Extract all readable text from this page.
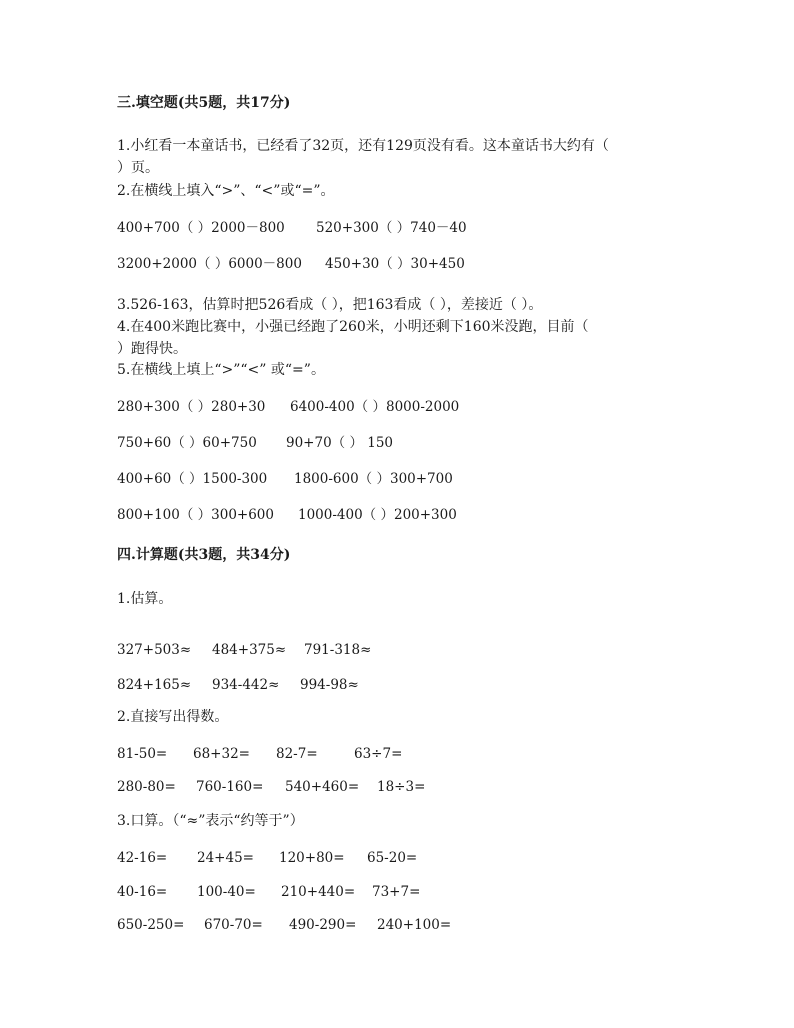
三.填空题(共5题，共17分)
1.小红看一本童话书，已经看了32页，还有129页没有看。这本童话书大约有（
）页。
2.在横线上填入“>”、“<”或“=”。
400+700（ ）2000－800 520+300（ ）740－40
3200+2000（ ）6000－800 450+30（ ）30+450
3.526-163，估算时把526看成（ ），把163看成（ ），差接近（ ）。
4.在400米跑比赛中，小强已经跑了260米，小明还剩下160米没跑，目前（
）跑得快。
5.在横线上填上“>”“<” 或“=”。
280+300（ ）280+30 6400-400（ ）8000-2000
750+60（ ）60+750 90+70（ ） 150
400+60（ ）1500-300 1800-600（ ）300+700
800+100（ ）300+600 1000-400（ ）200+300
四.计算题(共3题，共34分)
1.估算。
327+503≈ 484+375≈ 791-318≈
824+165≈ 934-442≈ 994-98≈
2.直接写出得数。
81-50= 68+32= 82-7=	63÷7=
280-80= 760-160= 540+460= 18÷3=
3.口算。（“≈”表示“约等于”）
42-16= 24+45= 120+80= 65-20=
40-16= 100-40= 210+440= 73+7=
650-250= 670-70= 490-290= 240+100=
